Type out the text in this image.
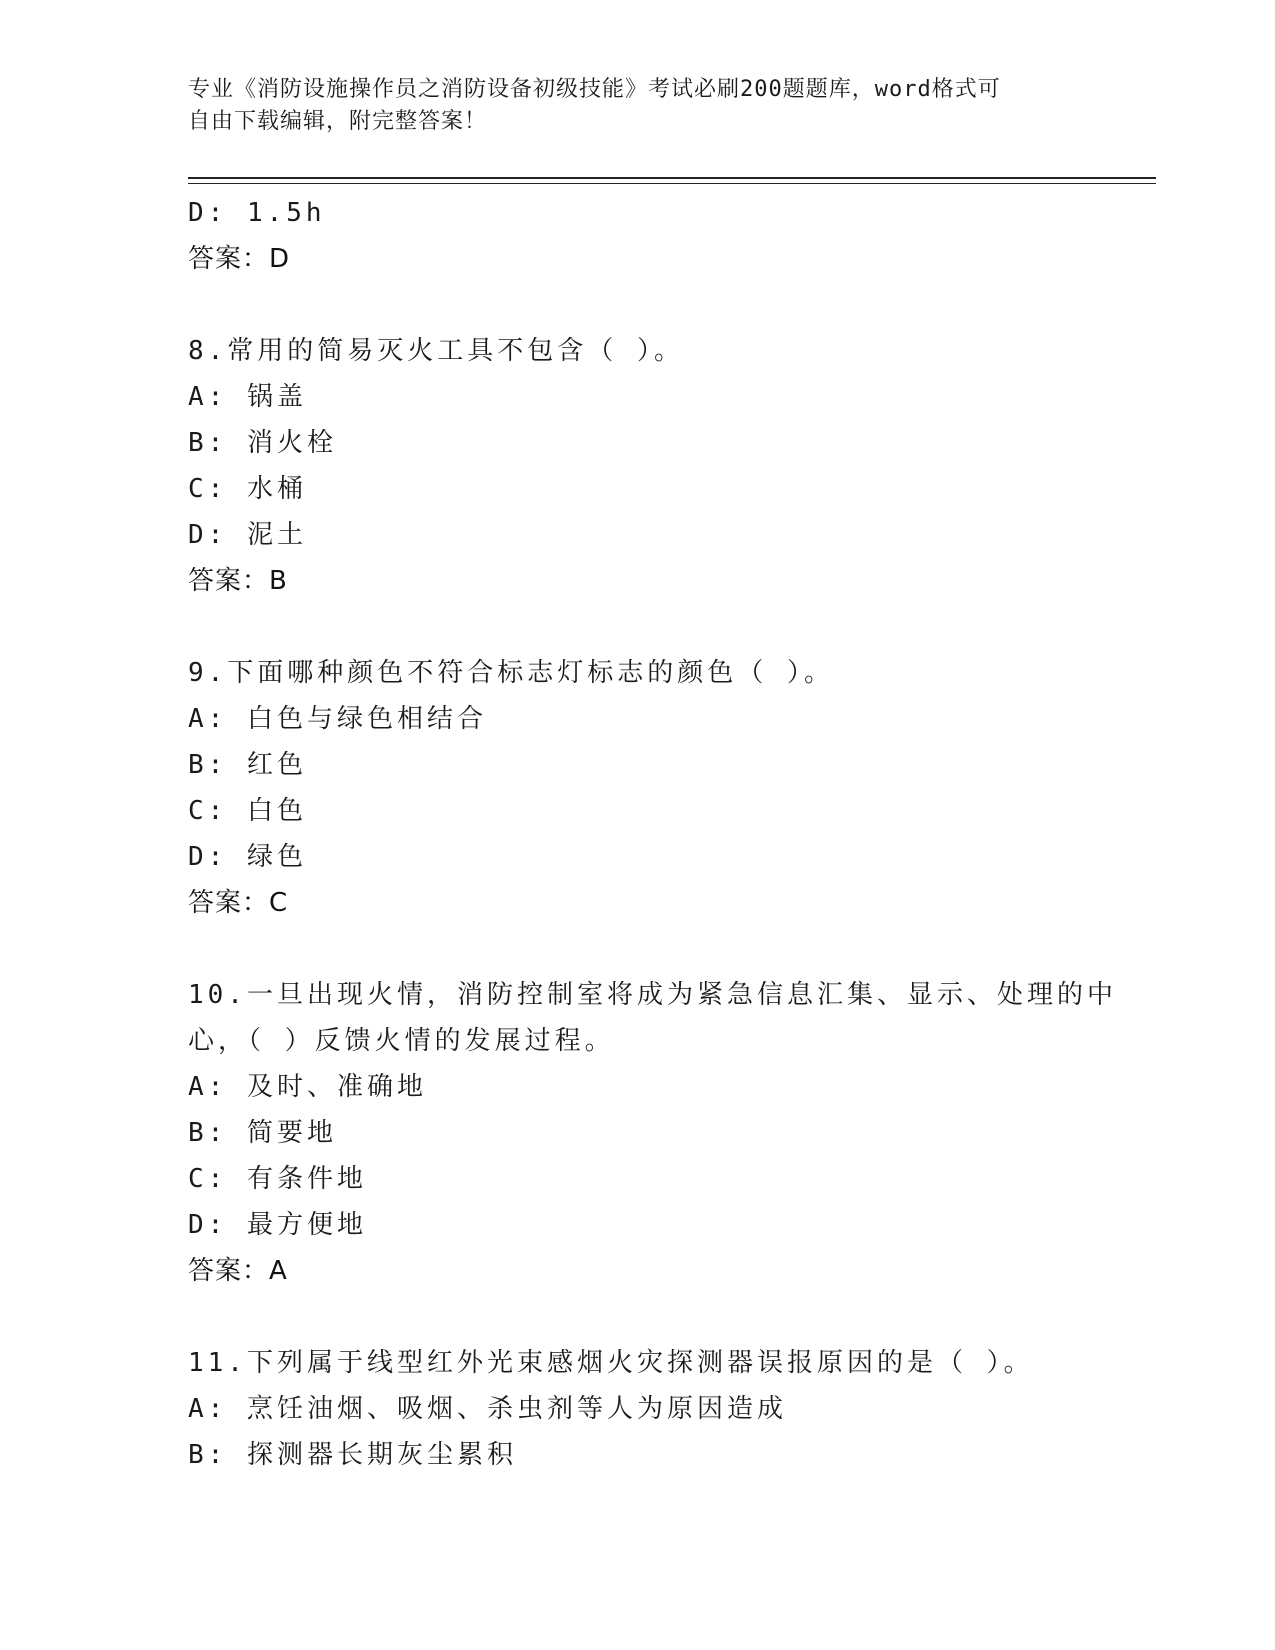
专业《消防设施操作员之消防设备初级技能》考试必刷200题题库，word格式可
自由下载编辑，附完整答案！
D: 1.5h
答案：D
8.常用的简易灭火工具不包含（ ）。
A: 锅盖
B: 消火栓
C: 水桶
D: 泥土
答案：B
9.下面哪种颜色不符合标志灯标志的颜色（ ）。
A: 白色与绿色相结合
B: 红色
C: 白色
D: 绿色
答案：C
10.一旦出现火情，消防控制室将成为紧急信息汇集、显示、处理的中
心，（ ）反馈火情的发展过程。
A: 及时、准确地
B: 简要地
C: 有条件地
D: 最方便地
答案：A
11.下列属于线型红外光束感烟火灾探测器误报原因的是（ ）。
A: 烹饪油烟、吸烟、杀虫剂等人为原因造成
B: 探测器长期灰尘累积
